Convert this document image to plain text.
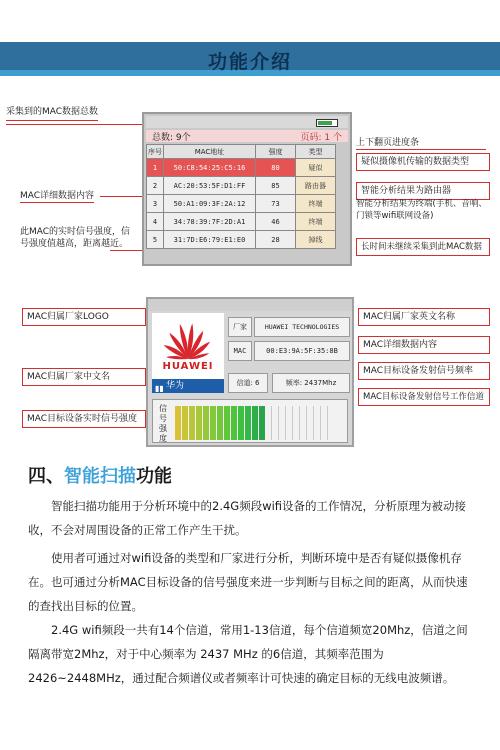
功能介绍
采集到的MAC数据总数
MAC详细数据内容
此MAC的实时信号强度，信号强度值越高，距离越近。
上下翻页进度条
疑似摄像机传输的数据类型
智能分析结果为路由器
智能分析结果为终端(手机、音响、门锁等wifi联网设备)
长时间未继续采集到此MAC数据
总数: 9个	页码: 1 个
序号	MAC地址	强度	类型
1	50:C8:54:25:C5:16	80	疑似
2	AC:20:53:5F:D1:FF	85	路由器
3	50:A1:09:3F:2A:12	73	终端
4	34:78:39:7F:2D:A1	46	终端
5	31:7D:E6:79:E1:E0	28	掉线
MAC归属厂家LOGO
MAC归属厂家中文名
MAC目标设备实时信号强度
MAC归属厂家英文名称
MAC详细数据内容
MAC目标设备发射信号频率
MAC目标设备发射信号工作信道
HUAWEI
▮▮ 华为
厂家	HUAWEI TECHNOLOGIES
MAC	00:E3:9A:5F:35:8B
信道: 6	频率: 2437Mhz
信号强度
四、智能扫描功能

智能扫描功能用于分析环境中的2.4G频段wifi设备的工作情况，分析原理为被动接收，不会对周围设备的正常工作产生干扰。

使用者可通过对wifi设备的类型和厂家进行分析，判断环境中是否有疑似摄像机存在。也可通过分析MAC目标设备的信号强度来进一步判断与目标之间的距离，从而快速的查找出目标的位置。

2.4G wifi频段一共有14个信道，常用1-13信道，每个信道频宽20Mhz，信道之间隔离带宽2Mhz，对于中心频率为 2437 MHz 的6信道，其频率范围为 2426~2448MHz，通过配合频谱仪或者频率计可快速的确定目标的无线电波频谱。
